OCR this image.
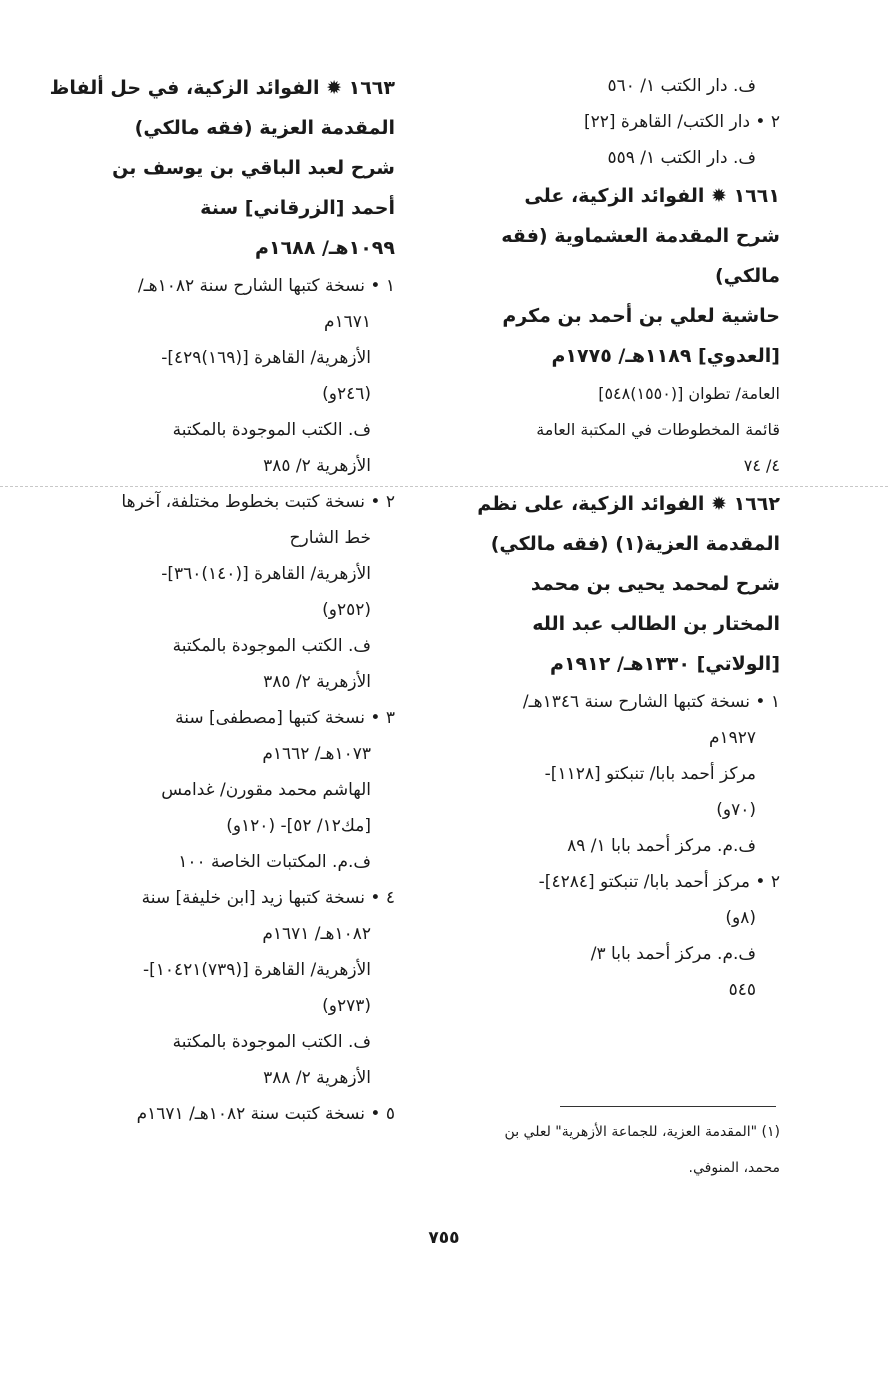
ف. دار الكتب ١/ ٥٦٠
٢ • دار الكتب/ القاهرة [٢٢]
ف. دار الكتب ١/ ٥٥٩
١٦٦١ ✹ الفوائد الزكية، على
شرح المقدمة العشماوية (فقه
مالكي)
حاشية لعلي بن أحمد بن مكرم
[العدوي] ١١٨٩هـ/ ١٧٧٥م
العامة/ تطوان [(١٥٥٠)٥٤٨]
قائمة المخطوطات في المكتبة العامة
٤/ ٧٤
١٦٦٢ ✹ الفوائد الزكية، على نظم
المقدمة العزية(١) (فقه مالكي)
شرح لمحمد يحيى بن محمد
المختار بن الطالب عبد الله
[الولاتي] ١٣٣٠هـ/ ١٩١٢م
١ • نسخة كتبها الشارح سنة ١٣٤٦هـ/
١٩٢٧م
مركز أحمد بابا/ تنبكتو [١١٢٨]-
(٧٠و)
ف.م. مركز أحمد بابا ١/ ٨٩
٢ • مركز أحمد بابا/ تنبكتو [٤٢٨٤]-
(٨و)
ف.م. مركز أحمد بابا ٣/
٥٤٥
١٦٦٣ ✹ الفوائد الزكية، في حل ألفاظ
المقدمة العزية (فقه مالكي)
شرح لعبد الباقي بن يوسف بن
أحمد [الزرقاني] سنة
١٠٩٩هـ/ ١٦٨٨م
١ • نسخة كتبها الشارح سنة ١٠٨٢هـ/
١٦٧١م
الأزهرية/ القاهرة [(١٦٩)٤٢٩]-
(٢٤٦و)
ف. الكتب الموجودة بالمكتبة
الأزهرية ٢/ ٣٨٥
٢ • نسخة كتبت بخطوط مختلفة، آخرها
خط الشارح
الأزهرية/ القاهرة [(١٤٠)٣٦٠]-
(٢٥٢و)
ف. الكتب الموجودة بالمكتبة
الأزهرية ٢/ ٣٨٥
٣ • نسخة كتبها [مصطفى] سنة
١٠٧٣هـ/ ١٦٦٢م
الهاشم محمد مقورن/ غدامس
[مك١٢/ ٥٢]- (١٢٠و)
ف.م. المكتبات الخاصة ١٠٠
٤ • نسخة كتبها زيد [ابن خليفة] سنة
١٠٨٢هـ/ ١٦٧١م
الأزهرية/ القاهرة [(٧٣٩)١٠٤٢١]-
(٢٧٣و)
ف. الكتب الموجودة بالمكتبة
الأزهرية ٢/ ٣٨٨
٥ • نسخة كتبت سنة ١٠٨٢هـ/ ١٦٧١م
(١) "المقدمة العزية، للجماعة الأزهرية" لعلي بن
محمد، المنوفي.
٧٥٥
